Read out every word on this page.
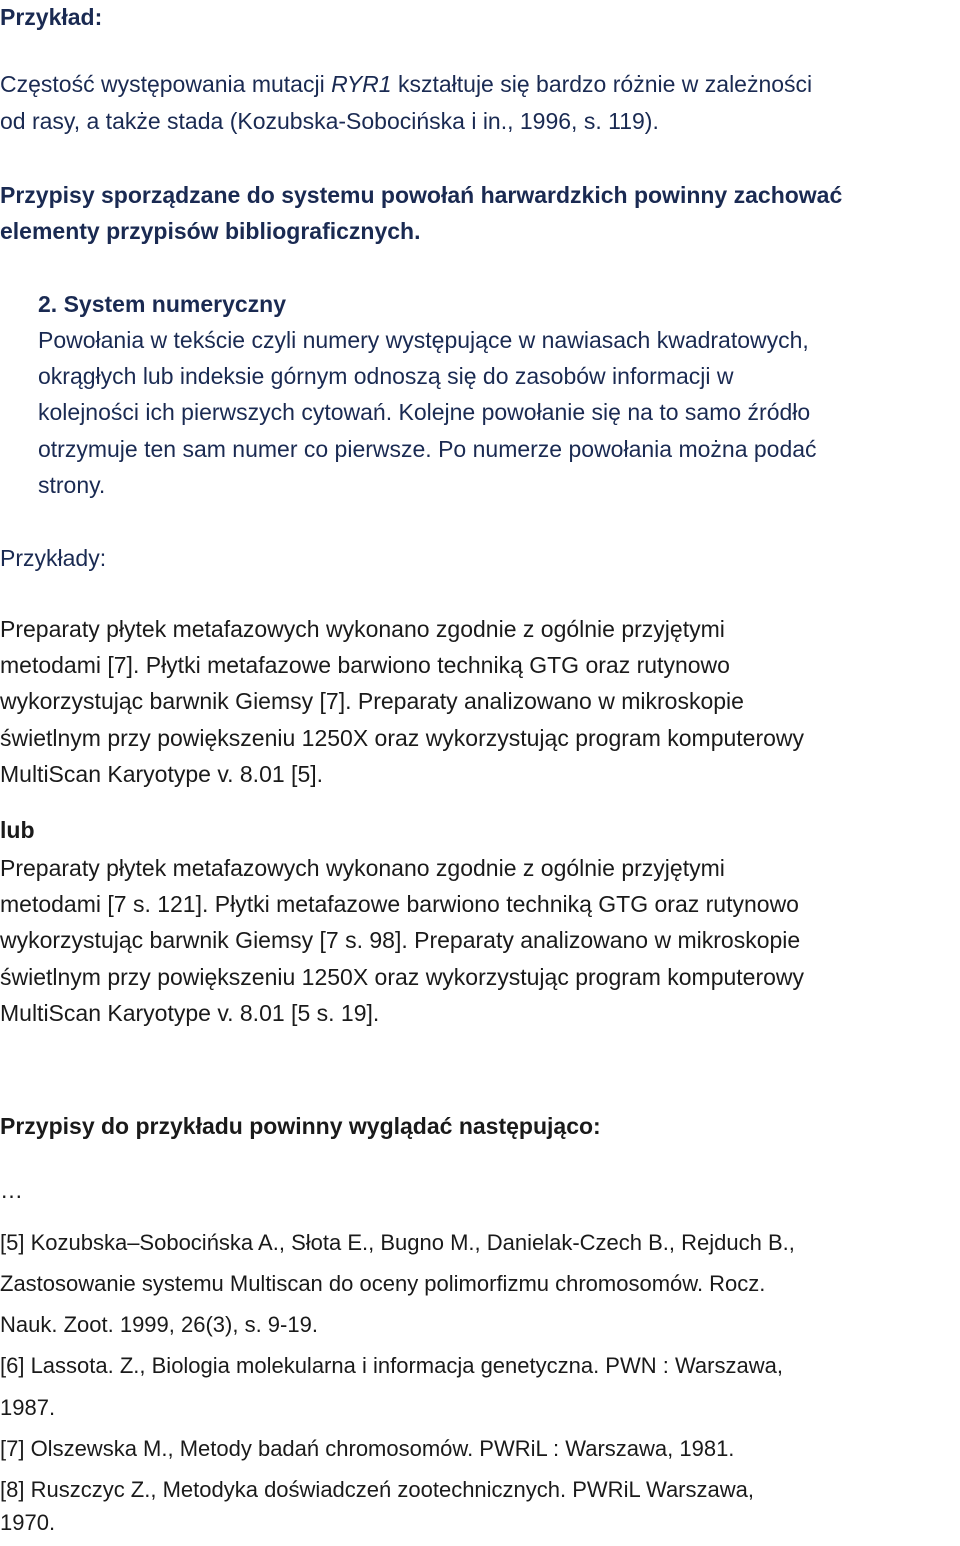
Przykład:
Częstość występowania mutacji RYR1 kształtuje się bardzo różnie w zależności
od rasy, a także stada (Kozubska-Sobocińska i in., 1996, s. 119).
Przypisy sporządzane do systemu powołań harwardzkich powinny zachować
elementy przypisów bibliograficznych.
2. System numeryczny
Powołania w tekście czyli numery występujące w nawiasach kwadratowych,
okrągłych lub indeksie górnym odnoszą się do zasobów informacji w
kolejności ich pierwszych cytowań. Kolejne powołanie się na to samo źródło
otrzymuje ten sam numer co pierwsze. Po numerze powołania można podać
strony.
Przykłady:
Preparaty płytek metafazowych wykonano zgodnie z ogólnie przyjętymi
metodami [7]. Płytki metafazowe barwiono techniką GTG oraz rutynowo
wykorzystując barwnik Giemsy [7]. Preparaty analizowano w mikroskopie
świetlnym przy powiększeniu 1250X oraz wykorzystując program komputerowy
MultiScan Karyotype v. 8.01 [5].
lub
Preparaty płytek metafazowych wykonano zgodnie z ogólnie przyjętymi
metodami [7 s. 121]. Płytki metafazowe barwiono techniką GTG oraz rutynowo
wykorzystując barwnik Giemsy [7 s. 98]. Preparaty analizowano w mikroskopie
świetlnym przy powiększeniu 1250X oraz wykorzystując program komputerowy
MultiScan Karyotype v. 8.01 [5 s. 19].
Przypisy do przykładu powinny wyglądać następująco:
…
[5] Kozubska–Sobocińska A., Słota E., Bugno M., Danielak-Czech B., Rejduch B.,
Zastosowanie systemu Multiscan do oceny polimorfizmu chromosomów. Rocz.
Nauk. Zoot. 1999, 26(3), s. 9-19.
[6] Lassota. Z., Biologia molekularna i informacja genetyczna. PWN : Warszawa,
1987.
[7] Olszewska M., Metody badań chromosomów. PWRiL : Warszawa, 1981.
[8] Ruszczyc Z., Metodyka doświadczeń zootechnicznych. PWRiL Warszawa,
1970.
